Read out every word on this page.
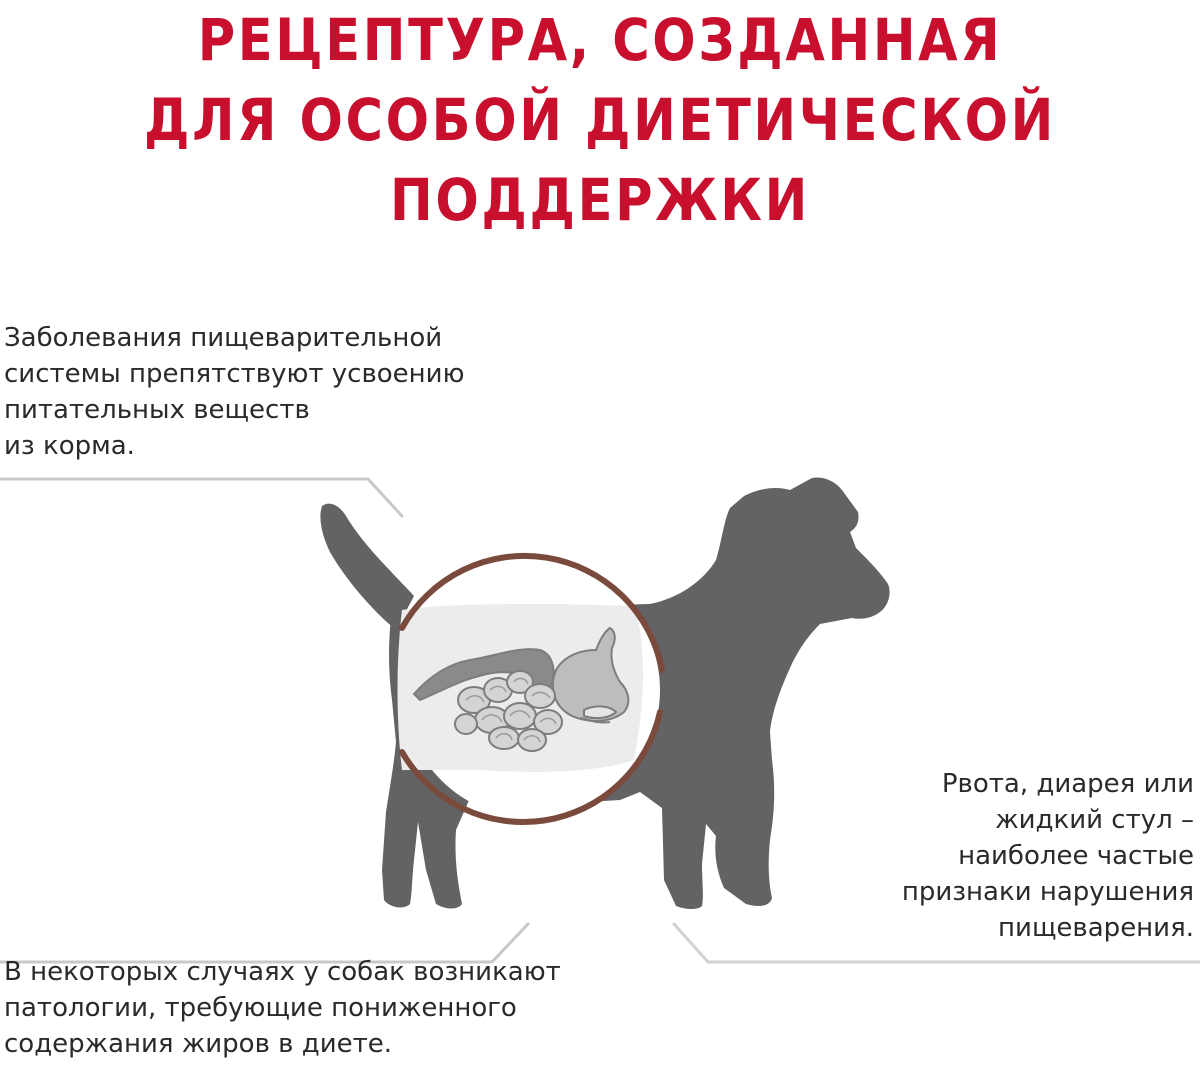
РЕЦЕПТУРА, СОЗДАННАЯ
ДЛЯ ОСОБОЙ ДИЕТИЧЕСКОЙ
ПОДДЕРЖКИ

Заболевания пищеварительной
системы препятствуют усвоению
питательных веществ
из корма.

Рвота, диарея или
жидкий стул –
наиболее частые
признаки нарушения
пищеварения.

В некоторых случаях у собак возникают
патологии, требующие пониженного
содержания жиров в диете.
